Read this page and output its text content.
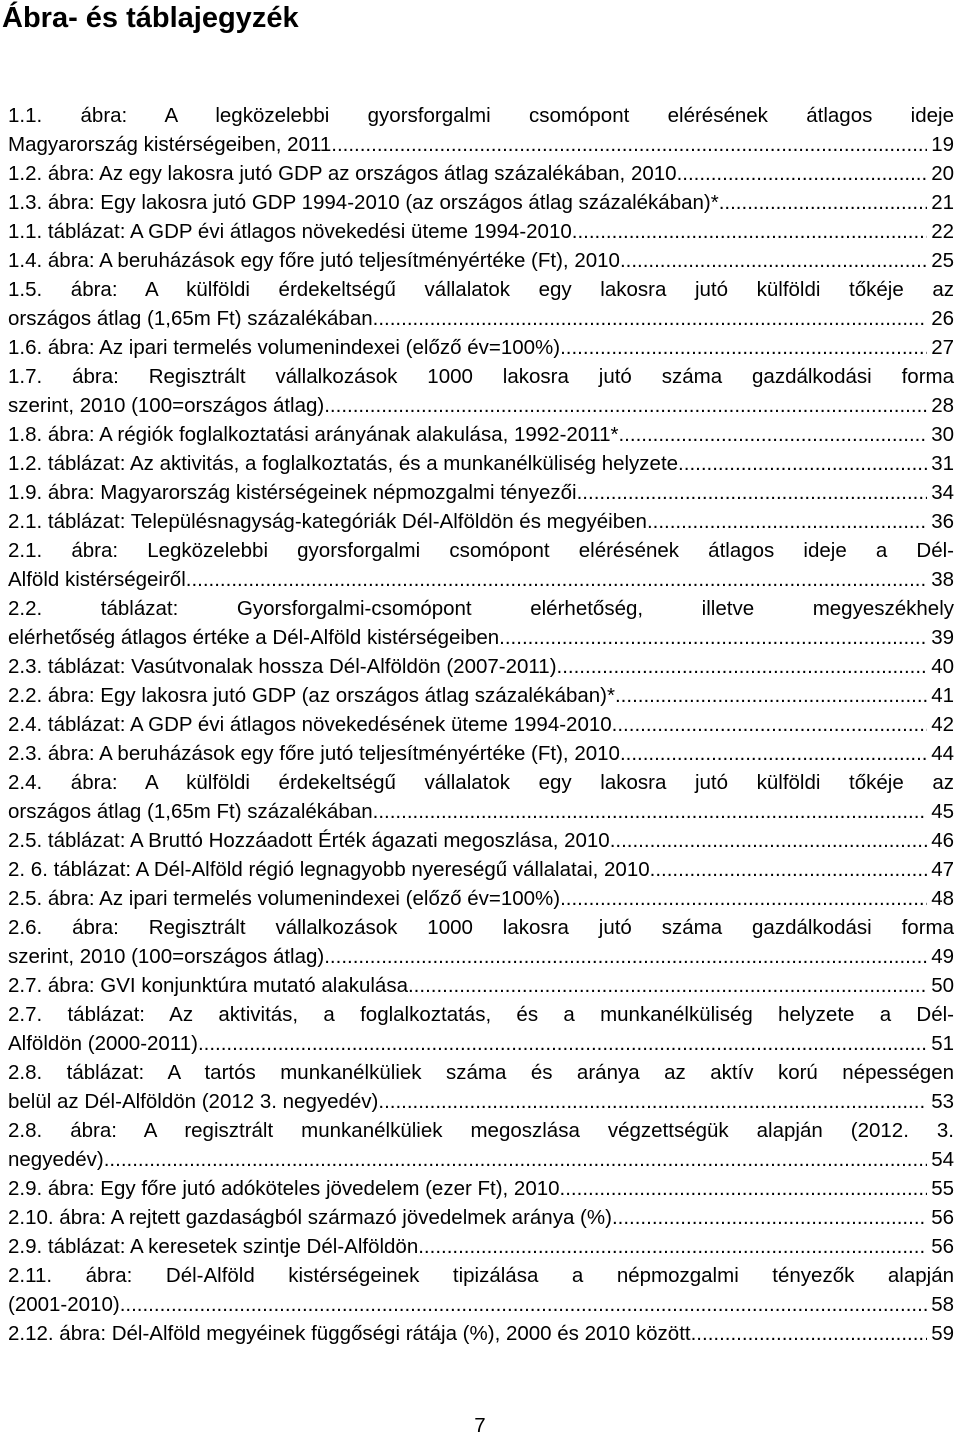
Ábra- és táblajegyzék
1.1. ábra: A legközelebbi gyorsforgalmi csomópont elérésének átlagos ideje
Magyarország kistérségeiben, 2011 .....	19
1.2. ábra: Az egy lakosra jutó GDP az országos átlag százalékában, 2010 .....	20
1.3. ábra: Egy lakosra jutó GDP 1994-2010 (az országos átlag százalékában)* .....	21
1.1. táblázat: A GDP évi átlagos növekedési üteme 1994-2010 .....	22
1.4. ábra: A beruházások egy főre jutó teljesítményértéke (Ft), 2010 .....	25
1.5. ábra: A külföldi érdekeltségű vállalatok egy lakosra jutó külföldi tőkéje az
országos átlag (1,65m Ft) százalékában .....	26
1.6. ábra: Az ipari termelés volumenindexei (előző év=100%) .....	27
1.7. ábra: Regisztrált vállalkozások 1000 lakosra jutó száma gazdálkodási forma
szerint, 2010 (100=országos átlag) .....	28
1.8. ábra: A régiók foglalkoztatási arányának alakulása, 1992-2011* .....	30
1.2. táblázat: Az aktivitás, a foglalkoztatás, és a munkanélküliség helyzete .....	31
1.9. ábra: Magyarország kistérségeinek népmozgalmi tényezői .....	34
2.1. táblázat: Településnagyság-kategóriák Dél-Alföldön és megyéiben .....	36
2.1. ábra: Legközelebbi gyorsforgalmi csomópont elérésének átlagos ideje a Dél-
Alföld kistérségeiről .....	38
2.2. táblázat: Gyorsforgalmi-csomópont elérhetőség, illetve megyeszékhely
elérhetőség átlagos értéke a Dél-Alföld kistérségeiben .....	39
2.3. táblázat: Vasútvonalak hossza Dél-Alföldön (2007-2011) .....	40
2.2. ábra: Egy lakosra jutó GDP (az országos átlag százalékában)* .....	41
2.4. táblázat: A GDP évi átlagos növekedésének üteme 1994-2010 .....	42
2.3. ábra: A beruházások egy főre jutó teljesítményértéke (Ft), 2010 .....	44
2.4. ábra: A külföldi érdekeltségű vállalatok egy lakosra jutó külföldi tőkéje az
országos átlag (1,65m Ft) százalékában .....	45
2.5. táblázat: A Bruttó Hozzáadott Érték ágazati megoszlása, 2010 .....	46
2. 6. táblázat: A Dél-Alföld régió legnagyobb nyereségű vállalatai, 2010 .....	47
2.5. ábra: Az ipari termelés volumenindexei (előző év=100%) .....	48
2.6. ábra: Regisztrált vállalkozások 1000 lakosra jutó száma gazdálkodási forma
szerint, 2010 (100=országos átlag) .....	49
2.7. ábra: GVI konjunktúra mutató alakulása .....	50
2.7. táblázat: Az aktivitás, a foglalkoztatás, és a munkanélküliség helyzete a Dél-
Alföldön (2000-2011) .....	51
2.8. táblázat: A tartós munkanélküliek száma és aránya az aktív korú népességen
belül az Dél-Alföldön (2012 3. negyedév) .....	53
2.8. ábra: A regisztrált munkanélküliek megoszlása végzettségük alapján (2012. 3.
negyedév) .....	54
2.9. ábra: Egy főre jutó adóköteles jövedelem (ezer Ft), 2010 .....	55
2.10. ábra: A rejtett gazdaságból származó jövedelmek aránya (%) .....	56
2.9. táblázat: A keresetek szintje Dél-Alföldön .....	56
2.11. ábra: Dél-Alföld kistérségeinek tipizálása a népmozgalmi tényezők alapján
(2001-2010) .....	58
2.12. ábra: Dél-Alföld megyéinek függőségi rátája (%), 2000 és 2010 között .....	59
7
